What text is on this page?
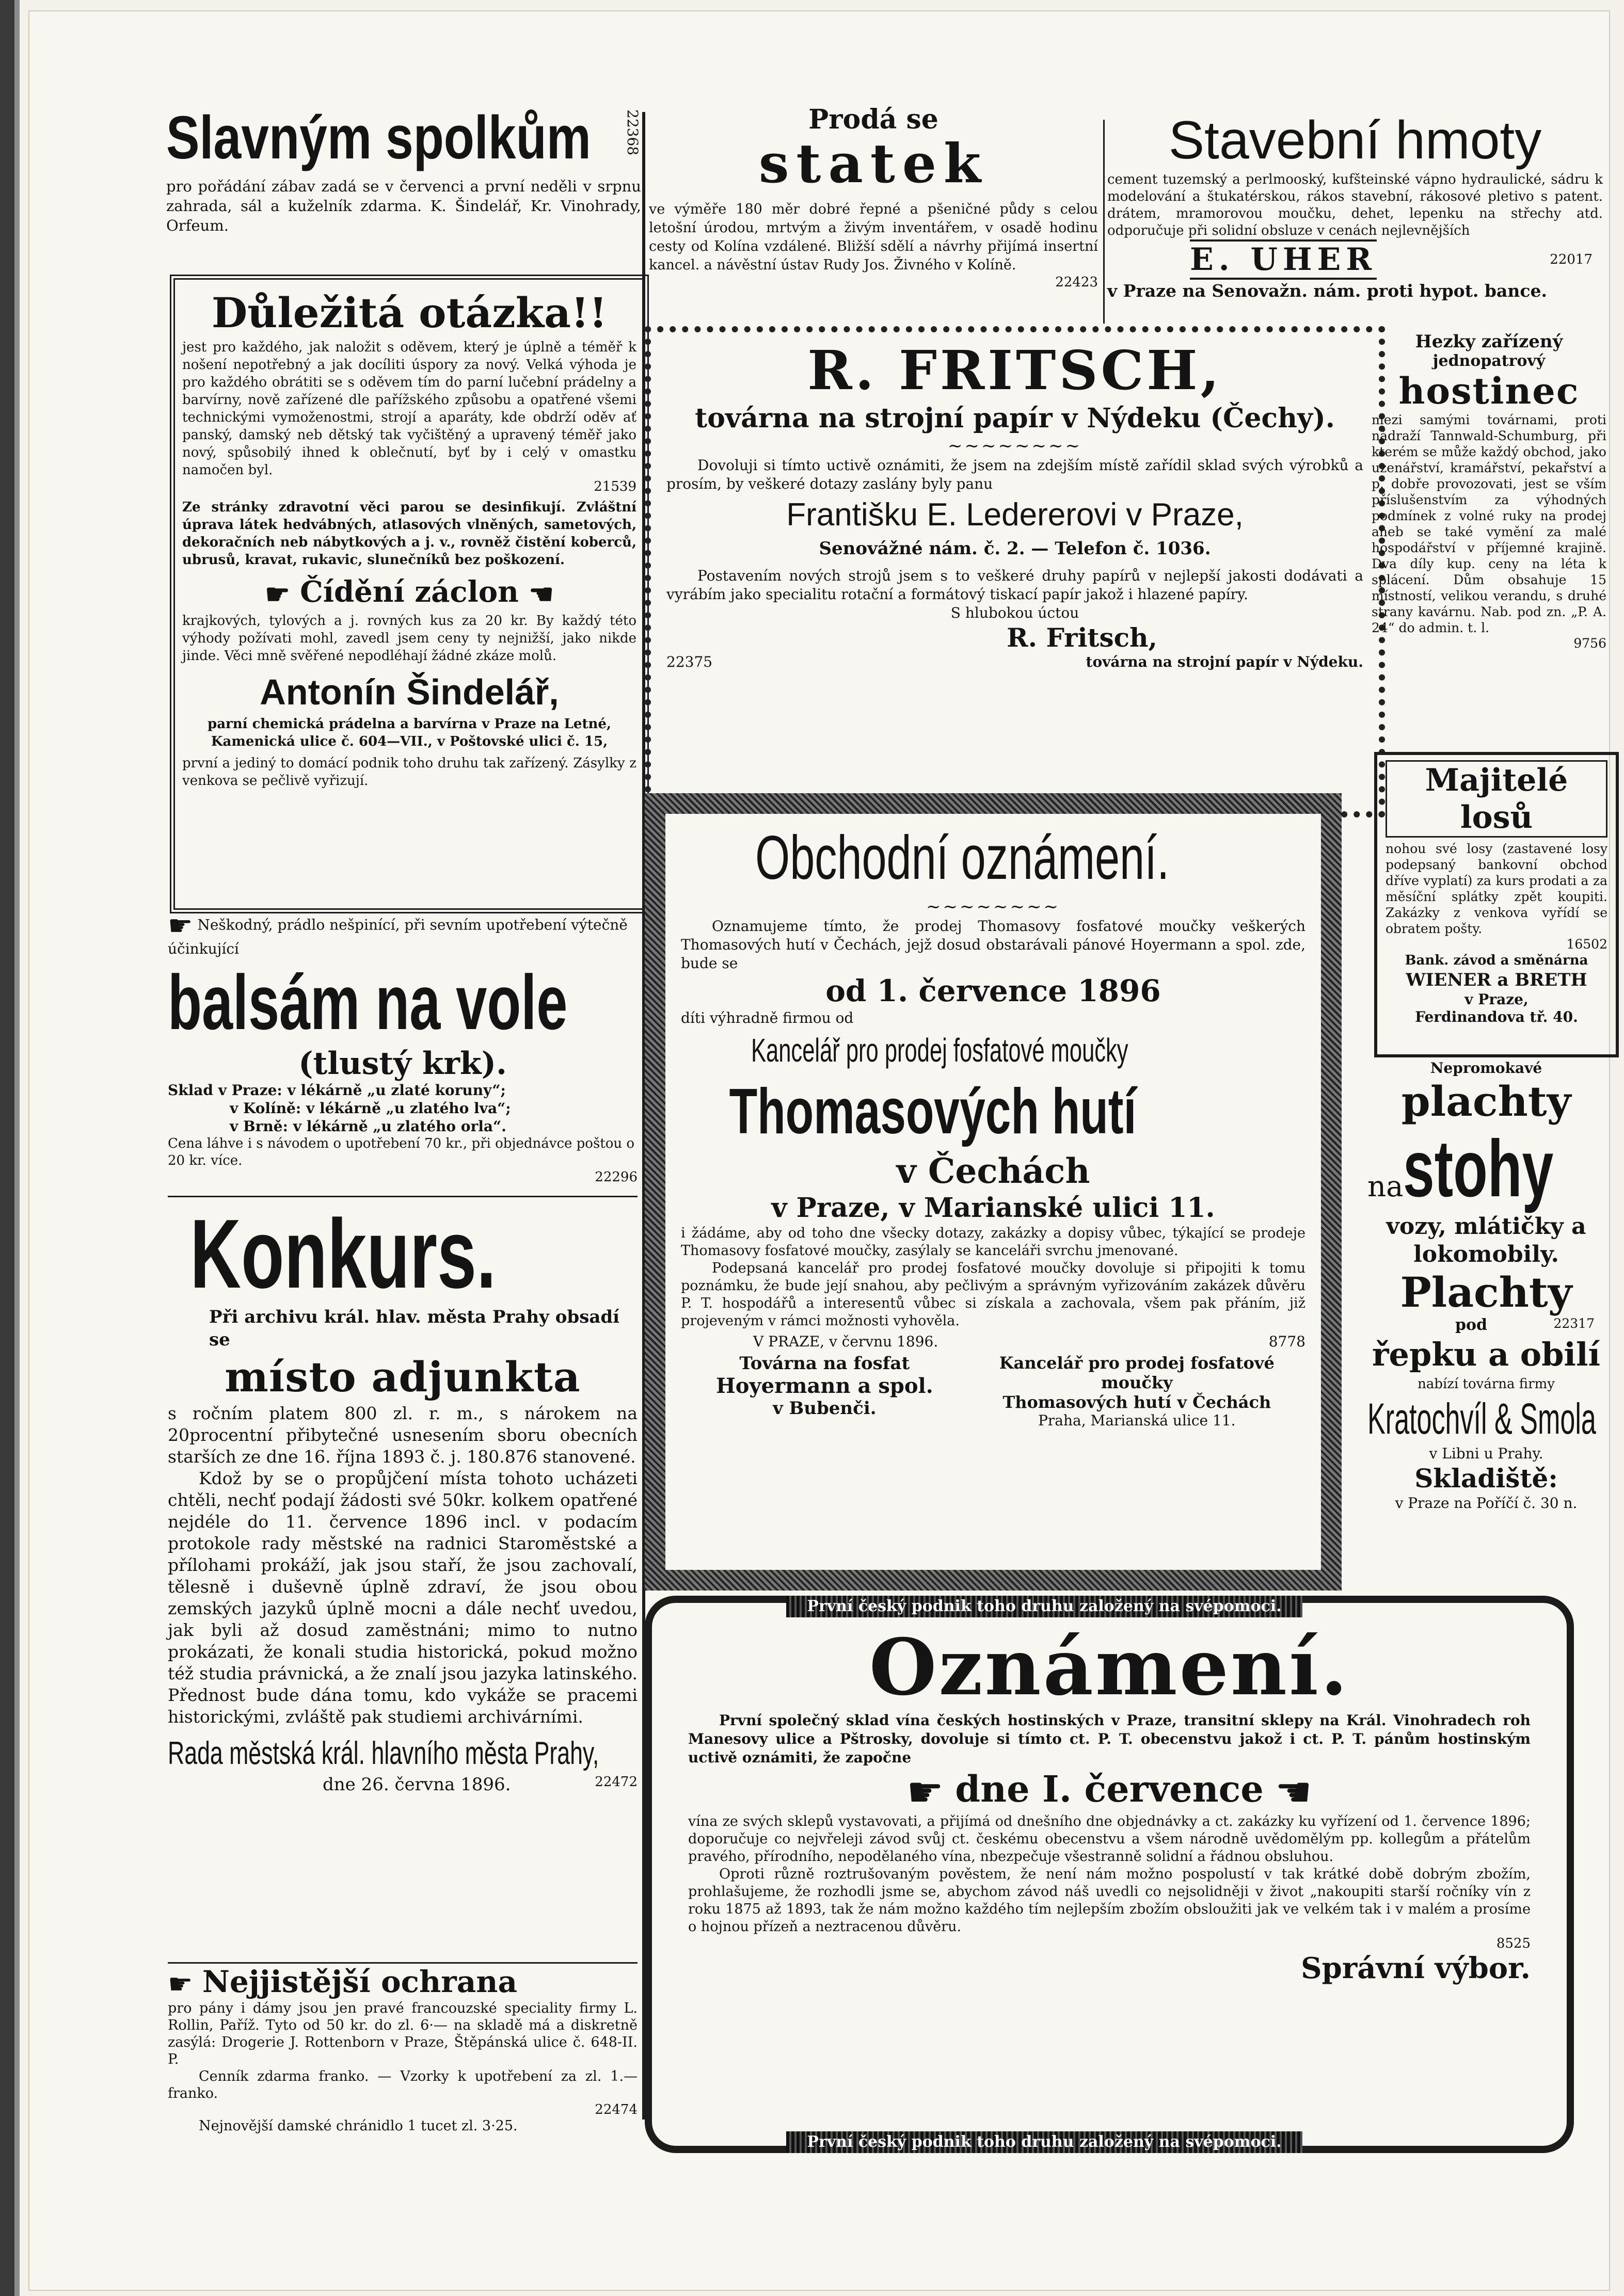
Slavným spolkům 22368

pro pořádání zábav zadá se v červenci a první neděli v srpnu zahrada, sál a kuželník zdarma. K. Šindelář, Kr. Vinohrady, Orfeum.

Důležitá otázka!!

jest pro každého, jak naložit s oděvem, který je úplně a téměř k nošení nepotřebný a jak docíliti úspory za nový. Velká výhoda je pro každého obrátiti se s oděvem tím do parní lučební prádelny a barvírny, nově zařízené dle pařížského způsobu a opatřené všemi technickými vymoženostmi, strojí a aparáty, kde obdrží oděv ať panský, damský neb dětský tak vyčištěný a upravený téměř jako nový, spůsobilý ihned k oblečnutí, byť by i celý v omastku namočen byl.

21539

Ze stránky zdravotní věci parou se desinfikují. Zvláštní úprava látek hedvábných, atlasových vlněných, sametových, dekoračních neb nábytkových a j. v., rovněž čistění koberců, ubrusů, kravat, rukavic, slunečníků bez poškození.

☛ Čídění záclon ☚

krajkových, tylových a j. rovných kus za 20 kr. By každý této výhody požívati mohl, zavedl jsem ceny ty nejnižší, jako nikde jinde. Věci mně svěřené nepodléhají žádné zkáze molů.

Antonín Šindelář,

parní chemická prádelna a barvírna v Praze na Letné, Kamenická ulice č. 604—VII., v Poštovské ulici č. 15,

první a jediný to domácí podnik toho druhu tak zařízený. Zásylky z venkova se pečlivě vyřizují.

☛ Neškodný, prádlo nešpinící, při sevním upotřebení výtečně účinkující
balsám na vole
(tlustý krk).
Sklad v Praze: v lékárně „u zlaté koruny“;
v Kolíně: v lékárně „u zlatého lva“;
v Brně: v lékárně „u zlatého orla“.
Cena láhve i s návodem o upotřebení 70 kr., při objednávce poštou o 20 kr. více.
22296
Konkurs.

Při archivu král. hlav. města Prahy obsadí se

místo adjunkta

s ročním platem 800 zl. r. m., s nárokem na 20procentní přibytečné usnesením sboru obecních starších ze dne 16. října 1893 č. j. 180.876 stanovené.

Kdož by se o propůjčení místa tohoto ucházeti chtěli, nechť podají žádosti své 50kr. kolkem opatřené nejdéle do 11. července 1896 incl. v podacím protokole rady městské na radnici Staroměstské a přílohami prokáží, jak jsou staří, že jsou zachovalí, tělesně i duševně úplně zdraví, že jsou obou zemských jazyků úplně mocni a dále nechť uvedou, jak byli až dosud zaměstnáni; mimo to nutno prokázati, že konali studia historická, pokud možno též studia právnická, a že znalí jsou jazyka latinského. Přednost bude dána tomu, kdo vykáže se pracemi historickými, zvláště pak studiemi archivárními.

Rada městská král. hlavního města Prahy,
dne 26. června 1896.	22472
☛ Nejjistější ochrana

pro pány i dámy jsou jen pravé francouzské speciality firmy L. Rollin, Paříž. Tyto od 50 kr. do zl. 6·— na skladě má a diskretně zasýlá: Drogerie J. Rottenborn v Praze, Štěpánská ulice č. 648-II. P.

Cenník zdarma franko. — Vzorky k upotřebení za zl. 1.— franko.

22474

Nejnovější damské chránidlo 1 tucet zl. 3·25.

Prodá se
statek

ve výměře 180 měr dobré řepné a pšeničné půdy s celou letošní úrodou, mrtvým a živým inventářem, v osadě hodinu cesty od Kolína vzdálené. Bližší sdělí a návrhy přijímá insertní kancel. a návěstní ústav Rudy Jos. Živného v Kolíně.

22423
R. FRITSCH,
továrna na strojní papír v Nýdeku (Čechy).
~~~~~~~~

Dovoluji si tímto uctivě oznámiti, že jsem na zdejším místě zařídil sklad svých výrobků a prosím, by veškeré dotazy zaslány byly panu

Františku E. Ledererovi v Praze,
Senovážné nám. č. 2. — Telefon č. 1036.

Postavením nových strojů jsem s to veškeré druhy papírů v nejlepší jakosti dodávati a vyrábím jako specialitu rotační a formátový tiskací papír jakož i hlazené papíry.

S hlubokou úctou
R. Fritsch,
22375	továrna na strojní papír v Nýdeku.
Obchodní oznámení.
~~~~~~~~

Oznamujeme tímto, že prodej Thomasovy fosfatové moučky veškerých Thomasových hutí v Čechách, jejž dosud obstarávali pánové Hoyermann a spol. zde, bude se

od 1. července 1896

díti výhradně firmou od

Kancelář pro prodej fosfatové moučky
Thomasových hutí
v Čechách
v Praze, v Marianské ulici 11.

i žádáme, aby od toho dne všecky dotazy, zakázky a dopisy vůbec, týkající se prodeje Thomasovy fosfatové moučky, zasýlaly se kanceláři svrchu jmenované.

Podepsaná kancelář pro prodej fosfatové moučky dovoluje si připojiti k tomu poznámku, že bude její snahou, aby pečlivým a správným vyřizováním zakázek důvěru P. T. hospodářů a interesentů vůbec si získala a zachovala, všem pak přáním, již projeveným v rámci možnosti vyhověla.

V PRAZE, v červnu 1896.	8778
Továrna na fosfat
Hoyermann a spol.
v Bubenči.
Kancelář pro prodej fosfatové
moučky
Thomasových hutí v Čechách
Praha, Marianská ulice 11.
První český podnik toho druhu založený na svépomoci.
Oznámení.

První společný sklad vína českých hostinských v Praze, transitní sklepy na Král. Vinohradech roh Manesovy ulice a Pštrosky, dovoluje si tímto ct. P. T. obecenstvu jakož i ct. P. T. pánům hostinským uctivě oznámiti, že započne

☛ dne I. července ☚

vína ze svých sklepů vystavovati, a přijímá od dnešního dne objednávky a ct. zakázky ku vyřízení od 1. července 1896; doporučuje co nejvřeleji závod svůj ct. českému obecenstvu a všem národně uvědomělým pp. kollegům a přátelům pravého, přírodního, nepodělaného vína, nbezpečuje všestranně solidní a řádnou obsluhou.

Oproti různě roztrušovaným pověstem, že není nám možno pospolustí v tak krátké době dobrým zbožím, prohlašujeme, že rozhodli jsme se, abychom závod náš uvedli co nejsolidněji v život „nakoupiti starší ročníky vín z roku 1875 až 1893, tak že nám možno každého tím nejlepším zbožím obsloužiti jak ve velkém tak i v malém a prosíme o hojnou přízeň a neztracenou důvěru.

8525
Správní výbor.
První český podnik toho druhu založený na svépomoci.
Stavební hmoty

cement tuzemský a perlmooský, kufšteinské vápno hydraulické, sádru k modelování a štukatérskou, rákos stavební, rákosové pletivo s patent. drátem, mramorovou moučku, dehet, lepenku na střechy atd. odporučuje při solidní obsluze v cenách nejlevnějších

E. UHER	22017
v Praze na Senovažn. nám. proti hypot. bance.
Hezky zařízený
jednopatrový
hostinec

mezi samými továrnami, proti nádraží Tannwald-Schumburg, při kterém se může každý obchod, jako uzenářství, kramářství, pekařství a p. dobře provozovati, jest se vším příslušenstvím za výhodných podmínek z volné ruky na prodej aneb se také vymění za malé hospodářství v příjemné krajině. Dva díly kup. ceny na léta k splácení. Dům obsahuje 15 místností, velikou verandu, s druhé strany kavárnu. Nab. pod zn. „P. A. 24“ do admin. t. l.

9756
Majitelé losů

nohou své losy (zastavené losy podepsaný bankovní obchod dříve vyplatí) za kurs prodati a za měsíční splátky zpět koupiti. Zakázky z venkova vyřídí se obratem pošty.

16502
Bank. závod a směnárna
WIENER a BRETH
v Praze,
Ferdinandova tř. 40.
Nepromokavé
plachty
nastohy
vozy, mlátičky a lokomobily.
Plachty
pod	22317
řepku a obilí
nabízí továrna firmy
Kratochvíl & Smola
v Libni u Prahy.
Skladiště:
v Praze na Poříčí č. 30 n.
